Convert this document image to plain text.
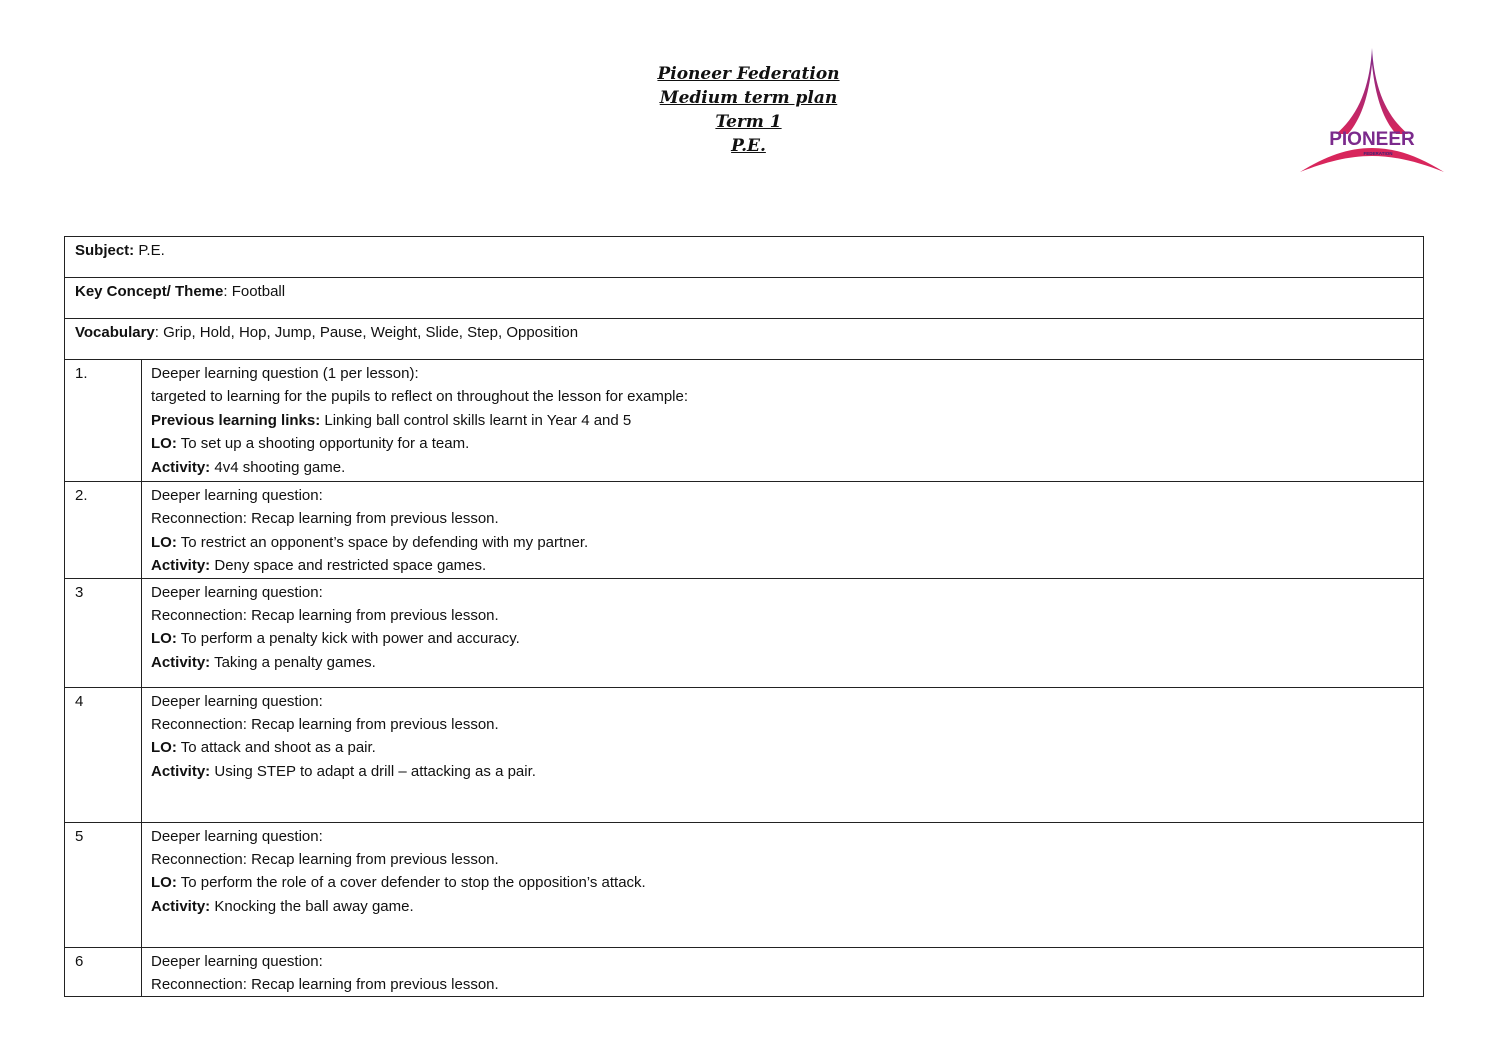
Pioneer Federation
Medium term plan
Term 1
P.E.	PIONEER
FEDERATION
Subject: P.E.	
Key Concept/ Theme: Football	
Vocabulary: Grip, Hold, Hop, Jump, Pause, Weight, Slide, Step, Opposition	
1.	Deeper learning question (1 per lesson):
targeted to learning for the pupils to reflect on throughout the lesson for example:
Previous learning links: Linking ball control skills learnt in Year 4 and 5
LO: To set up a shooting opportunity for a team.
Activity: 4v4 shooting game.

2.	Deeper learning question:
Reconnection: Recap learning from previous lesson.
LO: To restrict an opponent’s space by defending with my partner.
Activity: Deny space and restricted space games.

3	Deeper learning question:
Reconnection: Recap learning from previous lesson.
LO: To perform a penalty kick with power and accuracy.
Activity: Taking a penalty games.

4	Deeper learning question:
Reconnection: Recap learning from previous lesson.
LO: To attack and shoot as a pair.
Activity: Using STEP to adapt a drill – attacking as a pair.

5	Deeper learning question:
Reconnection: Recap learning from previous lesson.
LO: To perform the role of a cover defender to stop the opposition’s attack.
Activity: Knocking the ball away game.

6	Deeper learning question:
Reconnection: Recap learning from previous lesson.
